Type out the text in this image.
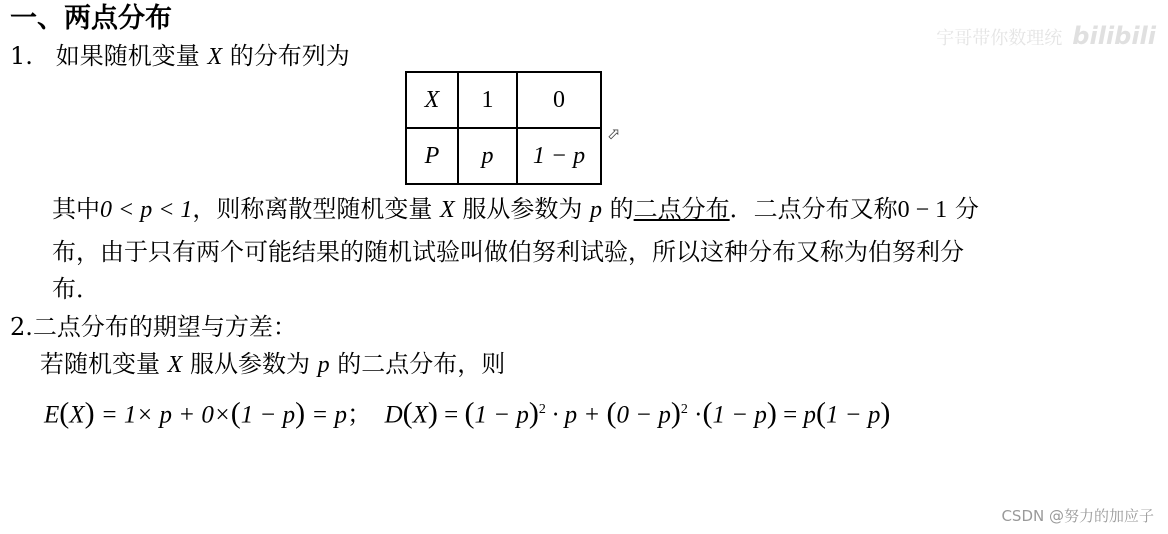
一、两点分布
宇哥带你数理统 bilibili
1. 如果随机变量 X 的分布列为
X	1	0
P	p	1 − p
⬀
其中0 < p < 1，则称离散型随机变量 X 服从参数为 p 的二点分布．二点分布又称0 − 1 分
布，由于只有两个可能结果的随机试验叫做伯努利试验，所以这种分布又称为伯努利分
布．
2.二点分布的期望与方差：
若随机变量 X 服从参数为 p 的二点分布，则
E(X) = 1× p + 0×(1 − p) = p； $D(X) = (1 - p)^2 \cdot p + (0 - p)^2 \cdot(1 - p) = p(1 - p)$
CSDN @努力的加应子
